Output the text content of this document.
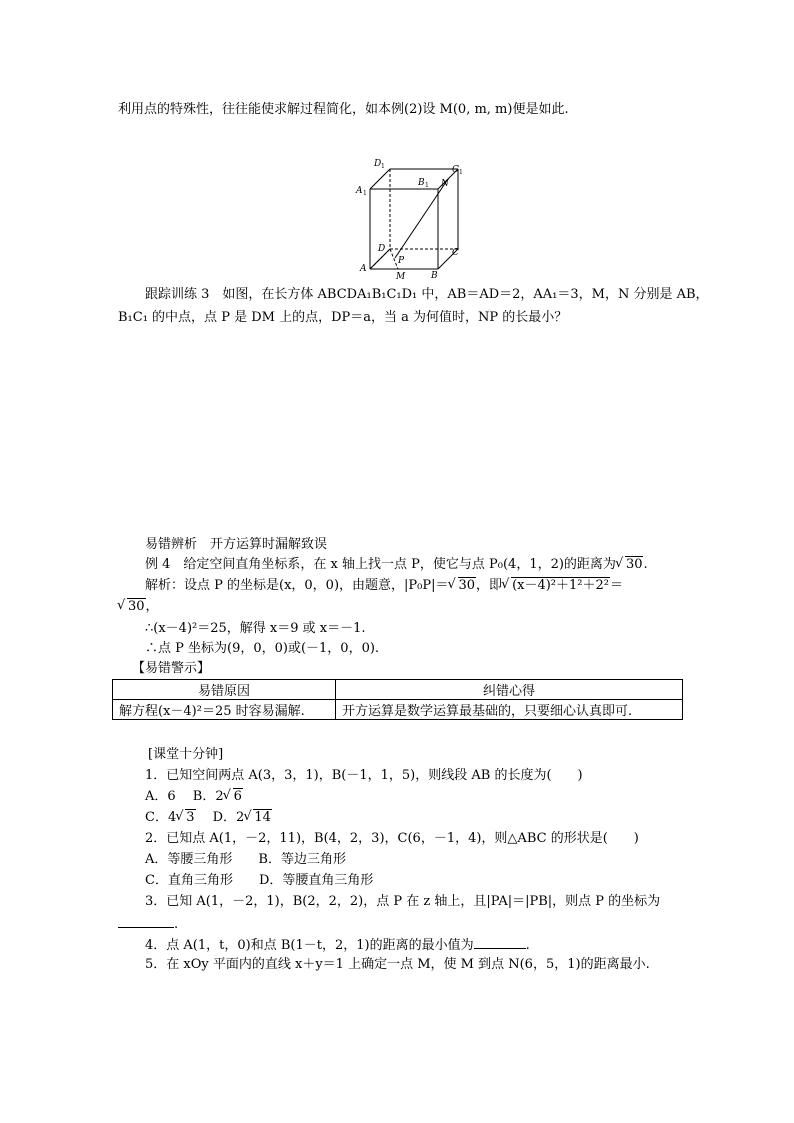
利用点的特殊性，往往能使求解过程简化，如本例(2)设 M(0, m, m)便是如此.
D 1
A 1
B 1
C 1
N
D	C
A
B
M
P
跟踪训练 3　如图，在长方体 ABCDA₁B₁C₁D₁ 中，AB＝AD＝2，AA₁＝3，M，N 分别是 AB，
B₁C₁ 的中点，点 P 是 DM 上的点，DP＝a，当 a 为何值时，NP 的长最小？
易错辨析　开方运算时漏解致误
例 4　给定空间直角坐标系，在 x 轴上找一点 P，使它与点 P₀(4，1，2)的距离为 √ 30.
解析：设点 P 的坐标是(x，0，0)，由题意，|P₀P|＝ √ 30，即 √ (x－4)²＋1²＋2²＝
√ 30，
∴(x－4)²＝25，解得 x＝9 或 x＝－1.
∴点 P 坐标为(9，0，0)或(－1，0，0).
【易错警示】
易错原因	纠错心得
解方程(x－4)²＝25 时容易漏解.	开方运算是数学运算最基础的，只要细心认真即可.
[课堂十分钟]
1．已知空间两点 A(3，3，1)，B(－1，1，5)，则线段 AB 的长度为(　　)
A．6　 B．2 √ 6
C．4 √ 3　 D．2 √ 14
2．已知点 A(1，－2，11)，B(4，2，3)，C(6，－1，4)，则△ABC 的形状是(　　)
A．等腰三角形　　B．等边三角形
C．直角三角形　　D．等腰直角三角形
3．已知 A(1，－2，1)，B(2，2，2)，点 P 在 z 轴上，且|PA|＝|PB|，则点 P 的坐标为
.
4．点 A(1，t，0)和点 B(1－t，2，1)的距离的最小值为	.
5．在 xOy 平面内的直线 x＋y＝1 上确定一点 M，使 M 到点 N(6，5，1)的距离最小.
